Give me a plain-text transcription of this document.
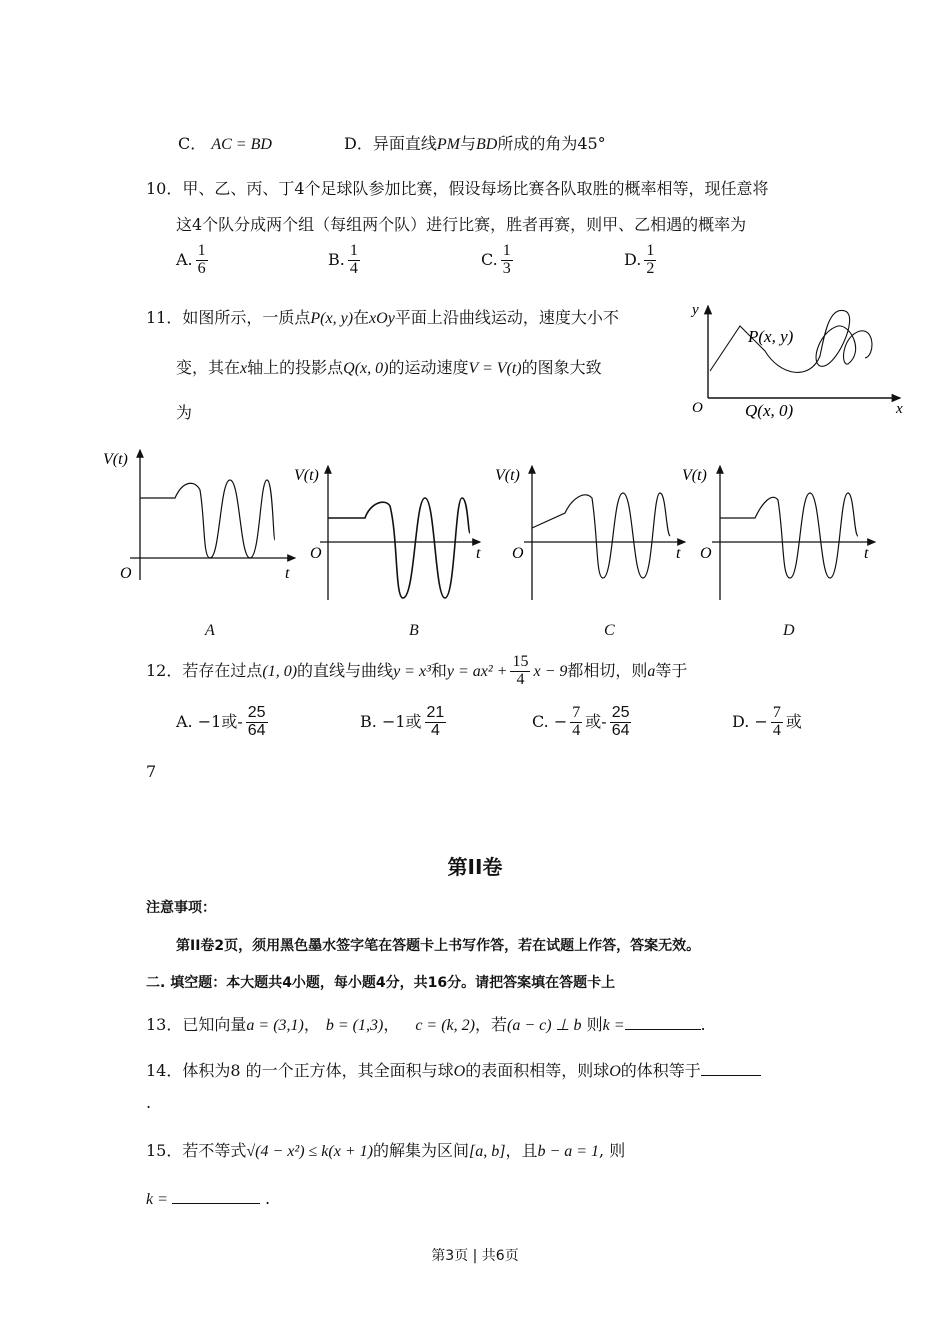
C． AC = BD	D．异面直线PM与BD所成的角为45°
10．甲、乙、丙、丁4个足球队参加比赛，假设每场比赛各队取胜的概率相等，现任意将
这4个队分成两个组（每组两个队）进行比赛，胜者再赛，则甲、乙相遇的概率为
A. $\frac{1}{6}$	B. $\frac{1}{4}$	C. $\frac{1}{3}$	D. $\frac{1}{2}$
11．如图所示，一质点P(x, y)在xOy平面上沿曲线运动，速度大小不
变，其在x轴上的投影点Q(x, 0)的运动速度V = V(t)的图象大致
为
y
x
O
P(x, y)
Q(x, 0)
V(t)
O	t
V(t)
O	t
V(t)
O	t
V(t)
O	t
A	B	C	D
12．若存在过点(1, 0)的直线与曲线y = x³和$y = ax^2 + \frac{15}{4}$ x − 9都相切，则a等于
A. −1或- $\frac{25}{64}$	B. −1或 $\frac{21}{4}$	C. − $\frac{7}{4}$ 或- $\frac{25}{64}$	D. − $\frac{7}{4}$ 或
7
第II卷
注意事项：
第II卷2页，须用黑色墨水签字笔在答题卡上书写作答，若在试题上作答，答案无效。
二. 填空题：本大题共4小题，每小题4分，共16分。请把答案填在答题卡上
13．已知向量a = (3,1)， b = (1,3)， c = (k, 2)，若(a − c) ⊥ b 则k =	.
14．体积为8 的一个正方体，其全面积与球O的表面积相等，则球O的体积等于
.
15．若不等式√(4 − x²) ≤ k(x + 1)的解集为区间[a, b]，且b − a = 1, 则
k =	.
第3页 | 共6页
